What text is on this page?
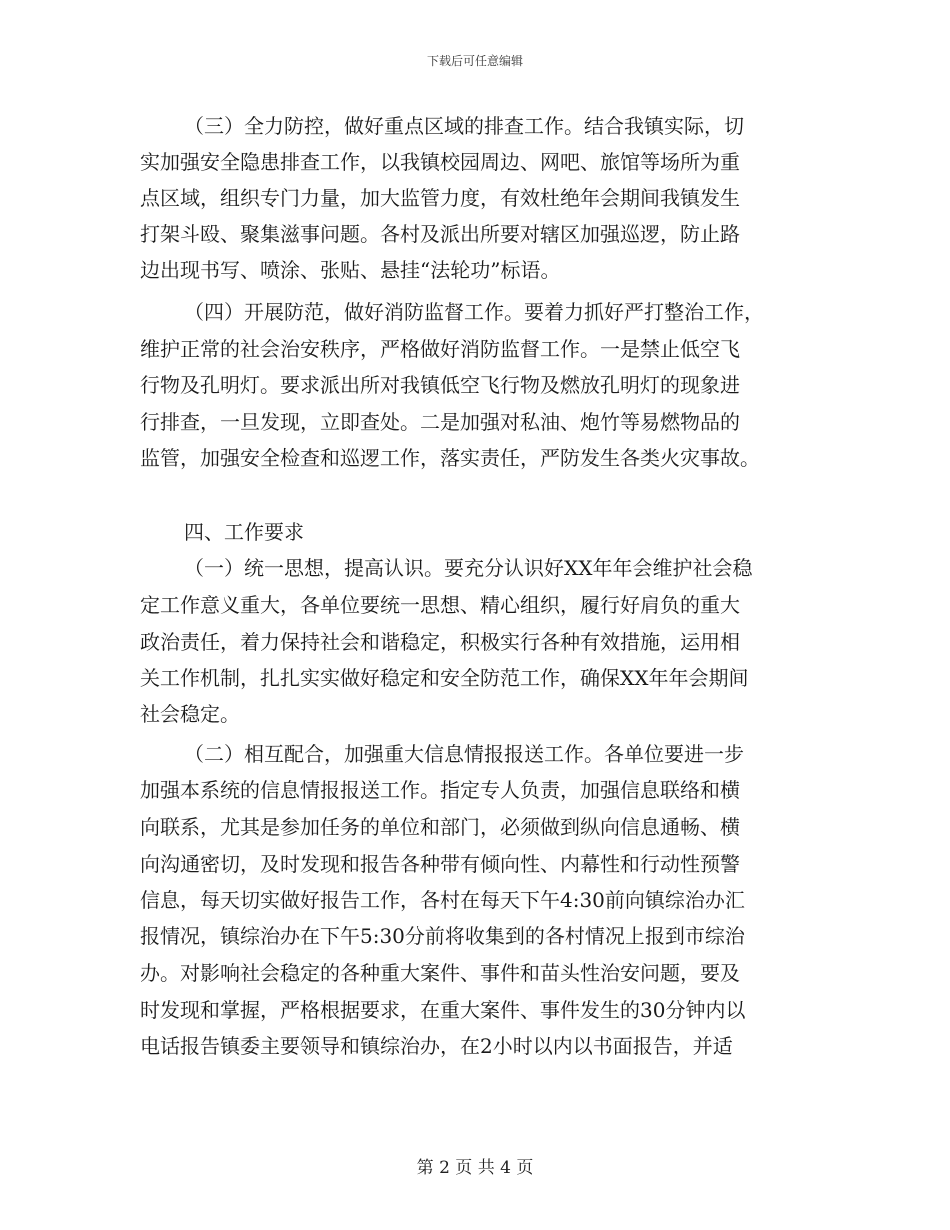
下载后可任意编辑
（三）全力防控，做好重点区域的排查工作。结合我镇实际，切
实加强安全隐患排查工作，以我镇校园周边、网吧、旅馆等场所为重
点区域，组织专门力量，加大监管力度，有效杜绝年会期间我镇发生
打架斗殴、聚集滋事问题。各村及派出所要对辖区加强巡逻，防止路
边出现书写、喷涂、张贴、悬挂“法轮功”标语。
（四）开展防范，做好消防监督工作。要着力抓好严打整治工作，
维护正常的社会治安秩序，严格做好消防监督工作。一是禁止低空飞
行物及孔明灯。要求派出所对我镇低空飞行物及燃放孔明灯的现象进
行排查，一旦发现，立即查处。二是加强对私油、炮竹等易燃物品的
监管，加强安全检查和巡逻工作，落实责任，严防发生各类火灾事故。
四、工作要求
（一）统一思想，提高认识。要充分认识好XX年年会维护社会稳
定工作意义重大，各单位要统一思想、精心组织，履行好肩负的重大
政治责任，着力保持社会和谐稳定，积极实行各种有效措施，运用相
关工作机制，扎扎实实做好稳定和安全防范工作，确保XX年年会期间
社会稳定。
（二）相互配合，加强重大信息情报报送工作。各单位要进一步
加强本系统的信息情报报送工作。指定专人负责，加强信息联络和横
向联系，尤其是参加任务的单位和部门，必须做到纵向信息通畅、横
向沟通密切，及时发现和报告各种带有倾向性、内幕性和行动性预警
信息，每天切实做好报告工作，各村在每天下午4:30前向镇综治办汇
报情况，镇综治办在下午5:30分前将收集到的各村情况上报到市综治
办。对影响社会稳定的各种重大案件、事件和苗头性治安问题，要及
时发现和掌握，严格根据要求，在重大案件、事件发生的30分钟内以
电话报告镇委主要领导和镇综治办，在2小时以内以书面报告，并适
第 2 页 共 4 页
